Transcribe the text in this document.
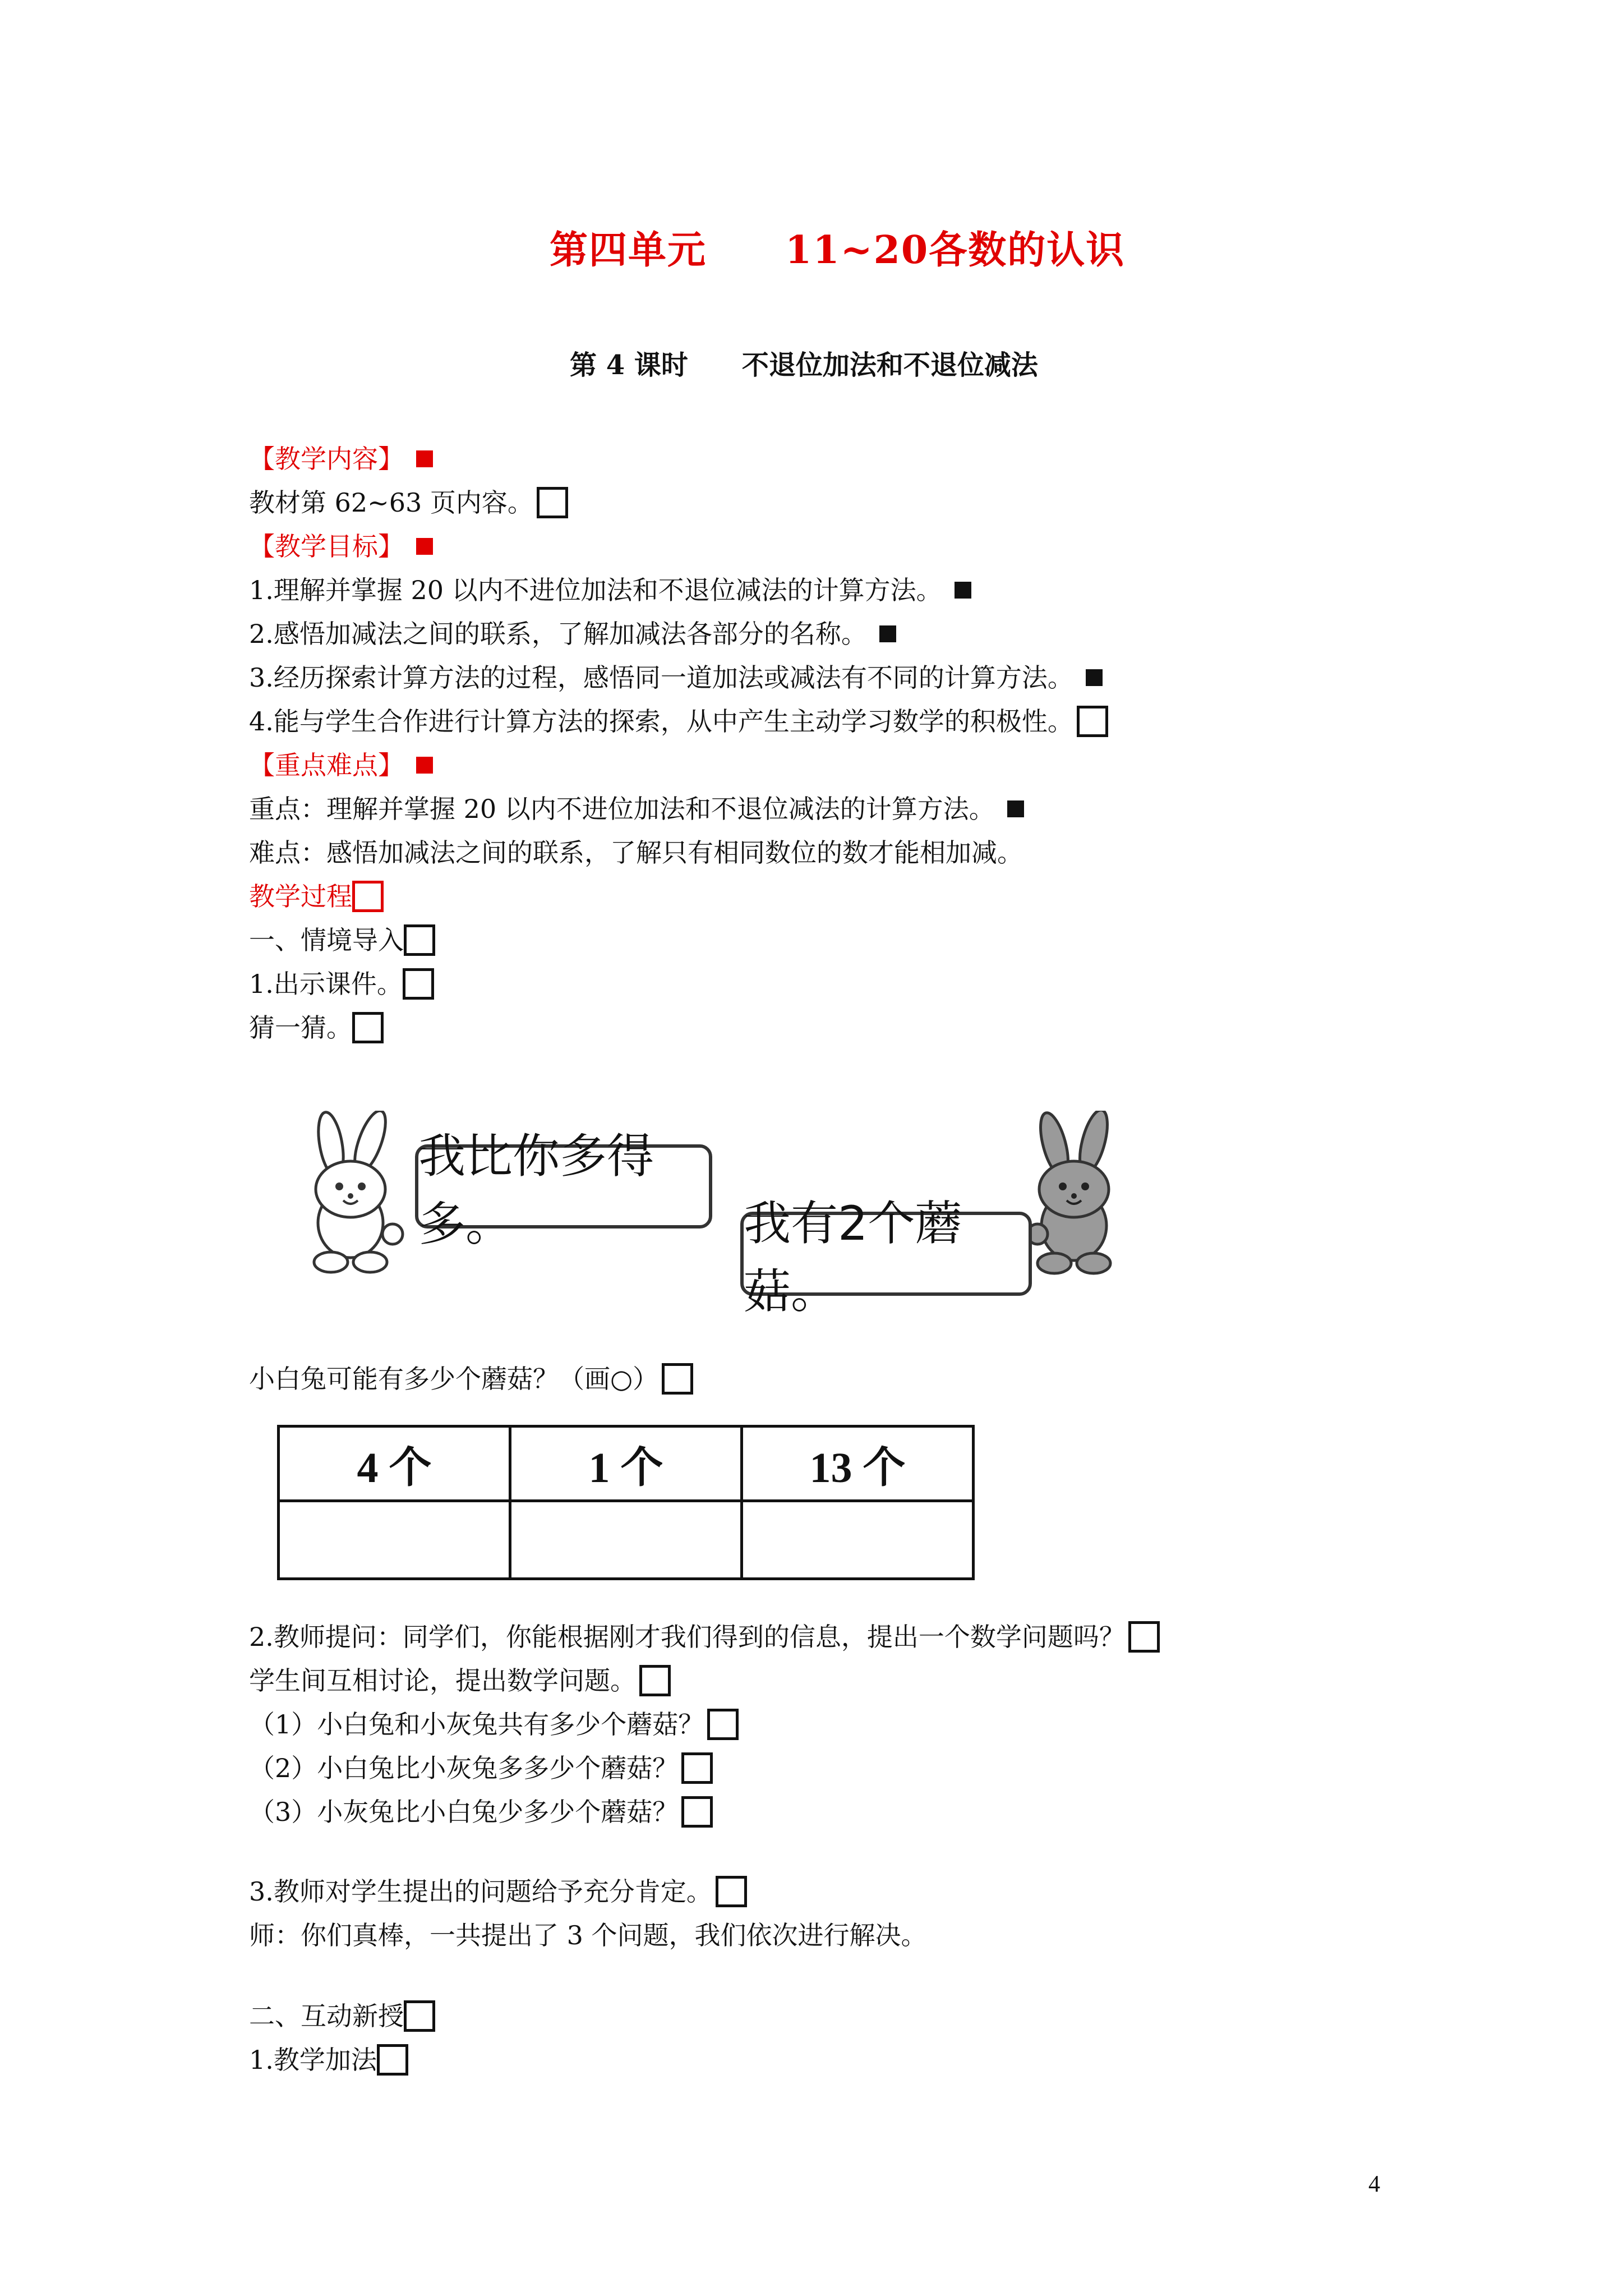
第四单元　　11~20各数的认识
第 4 课时　　不退位加法和不退位减法
【教学内容】
教材第 62~63 页内容。
【教学目标】
1.理解并掌握 20 以内不进位加法和不退位减法的计算方法。
2.感悟加减法之间的联系，了解加减法各部分的名称。
3.经历探索计算方法的过程，感悟同一道加法或减法有不同的计算方法。
4.能与学生合作进行计算方法的探索，从中产生主动学习数学的积极性。
【重点难点】
重点：理解并掌握 20 以内不进位加法和不退位减法的计算方法。
难点：感悟加减法之间的联系，了解只有相同数位的数才能相加减。
教学过程
一、情境导入
1.出示课件。
猜一猜。
我比你多得多。	我有2个蘑菇。
小白兔可能有多少个蘑菇？（画○）
4 个	1 个	13 个

2.教师提问：同学们，你能根据刚才我们得到的信息，提出一个数学问题吗？
学生间互相讨论，提出数学问题。
（1）小白兔和小灰兔共有多少个蘑菇？
（2）小白兔比小灰兔多多少个蘑菇？
（3）小灰兔比小白兔少多少个蘑菇？
3.教师对学生提出的问题给予充分肯定。
师：你们真棒，一共提出了 3 个问题，我们依次进行解决。
二、互动新授
1.教学加法
4
